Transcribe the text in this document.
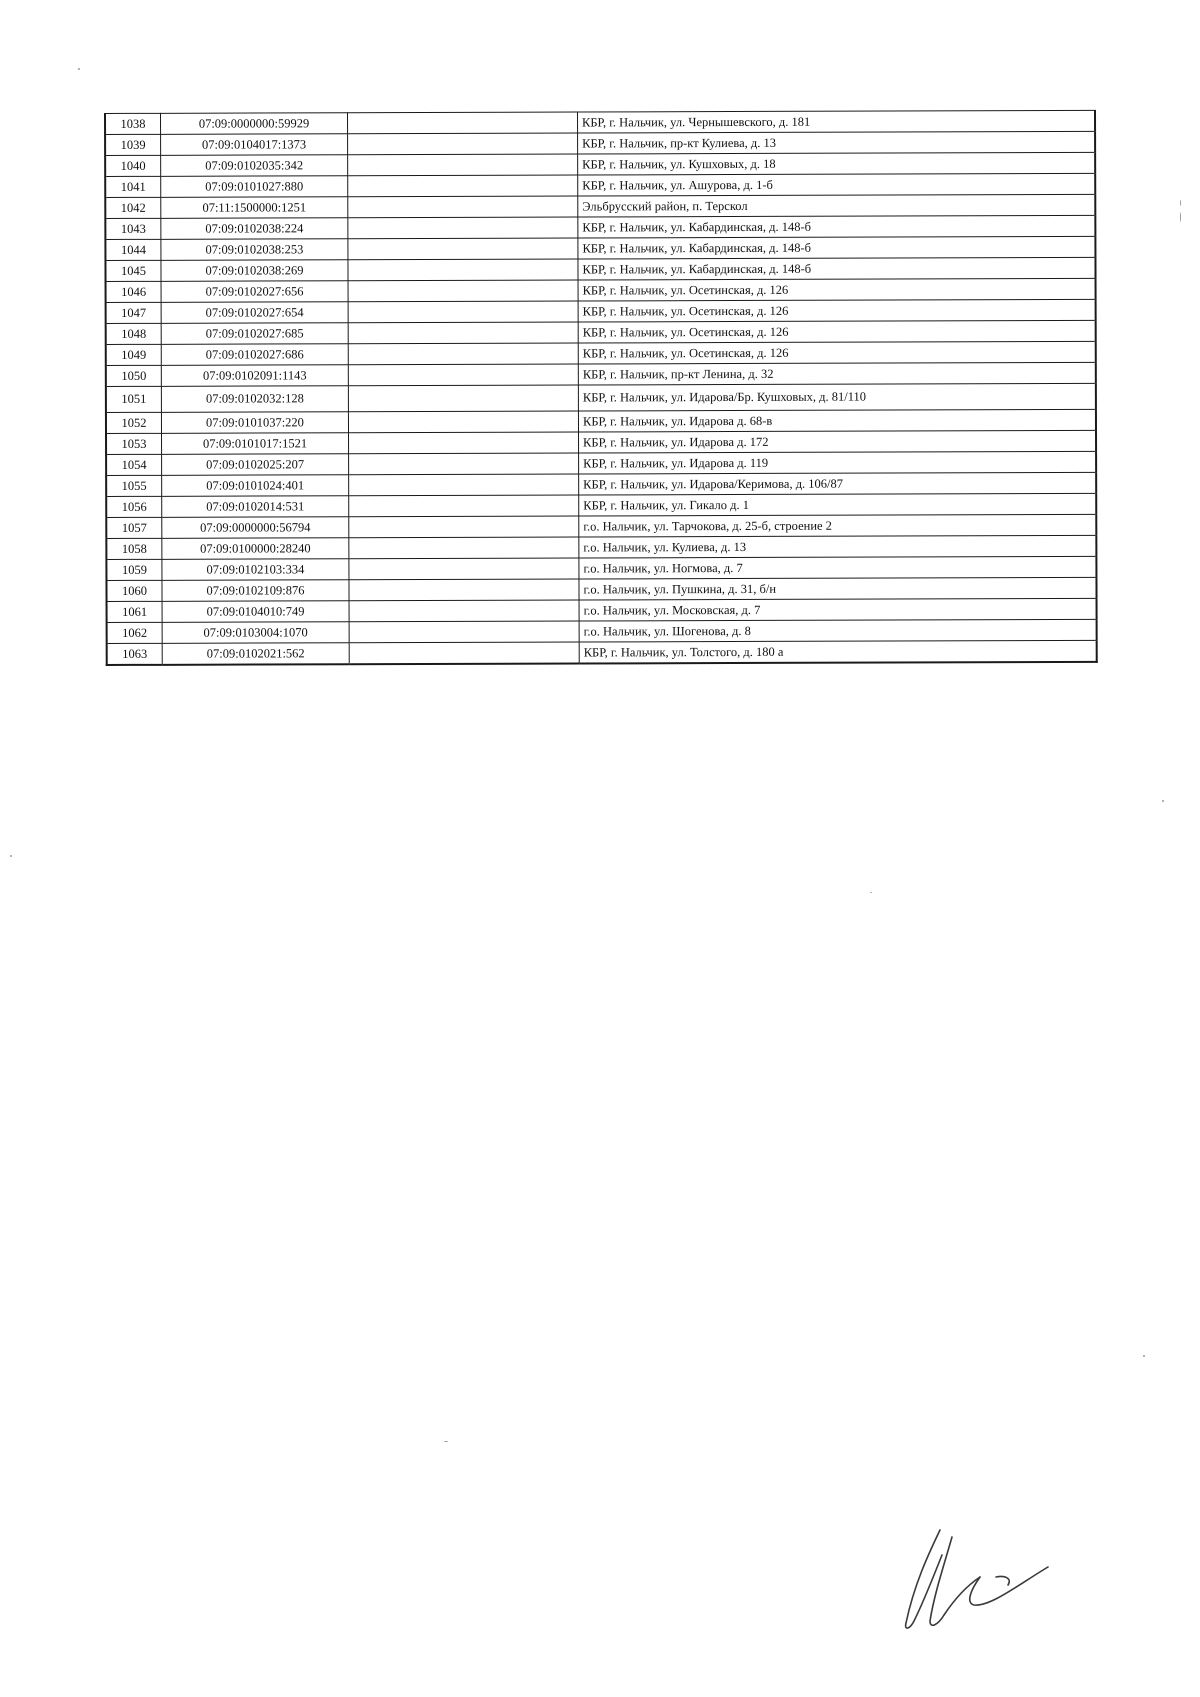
1038	07:09:0000000:59929		КБР, г. Нальчик, ул. Чернышевского, д. 181
1039	07:09:0104017:1373		КБР, г. Нальчик, пр-кт Кулиева, д. 13
1040	07:09:0102035:342		КБР, г. Нальчик, ул. Кушховых, д. 18
1041	07:09:0101027:880		КБР, г. Нальчик, ул. Ашурова, д. 1-б
1042	07:11:1500000:1251		Эльбрусский район, п. Терскол
1043	07:09:0102038:224		КБР, г. Нальчик, ул. Кабардинская, д. 148-б
1044	07:09:0102038:253		КБР, г. Нальчик, ул. Кабардинская, д. 148-б
1045	07:09:0102038:269		КБР, г. Нальчик, ул. Кабардинская, д. 148-б
1046	07:09:0102027:656		КБР, г. Нальчик, ул. Осетинская, д. 126
1047	07:09:0102027:654		КБР, г. Нальчик, ул. Осетинская, д. 126
1048	07:09:0102027:685		КБР, г. Нальчик, ул. Осетинская, д. 126
1049	07:09:0102027:686		КБР, г. Нальчик, ул. Осетинская, д. 126
1050	07:09:0102091:1143		КБР, г. Нальчик, пр-кт Ленина, д. 32
1051	07:09:0102032:128		КБР, г. Нальчик, ул. Идарова/Бр. Кушховых, д. 81/110
1052	07:09:0101037:220		КБР, г. Нальчик, ул. Идарова д. 68-в
1053	07:09:0101017:1521		КБР, г. Нальчик, ул. Идарова д. 172
1054	07:09:0102025:207		КБР, г. Нальчик, ул. Идарова д. 119
1055	07:09:0101024:401		КБР, г. Нальчик, ул. Идарова/Керимова, д. 106/87
1056	07:09:0102014:531		КБР, г. Нальчик, ул. Гикало д. 1
1057	07:09:0000000:56794		г.о. Нальчик, ул. Тарчокова, д. 25-б, строение 2
1058	07:09:0100000:28240		г.о. Нальчик, ул. Кулиева, д. 13
1059	07:09:0102103:334		г.о. Нальчик, ул. Ногмова, д. 7
1060	07:09:0102109:876		г.о. Нальчик, ул. Пушкина, д. 31, б/н
1061	07:09:0104010:749		г.о. Нальчик, ул. Московская, д. 7
1062	07:09:0103004:1070		г.о. Нальчик, ул. Шогенова, д. 8
1063	07:09:0102021:562		КБР, г. Нальчик, ул. Толстого, д. 180 а
